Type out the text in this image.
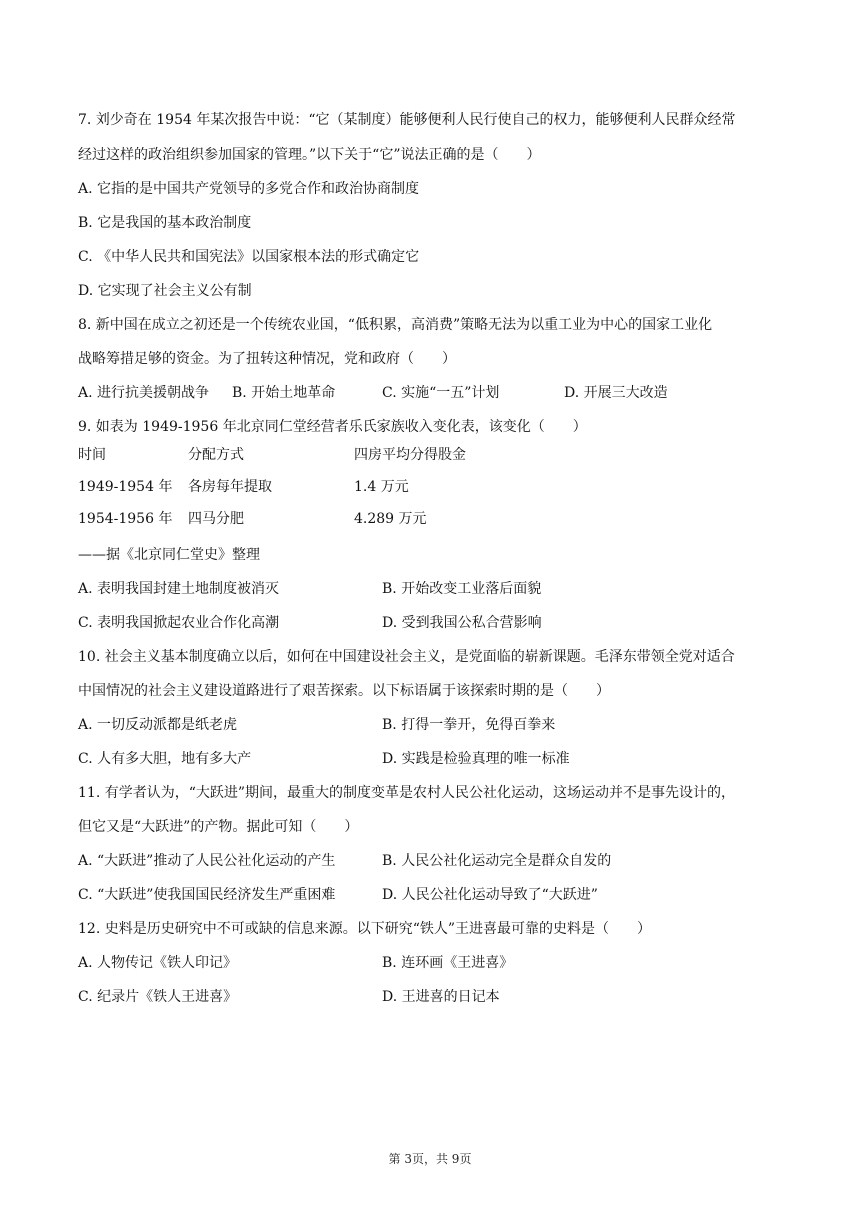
7. 刘少奇在 1954 年某次报告中说：“它（某制度）能够便利人民行使自己的权力，能够便利人民群众经常
经过这样的政治组织参加国家的管理。”以下关于“它”说法正确的是（　　）
A. 它指的是中国共产党领导的多党合作和政治协商制度
B. 它是我国的基本政治制度
C. 《中华人民共和国宪法》以国家根本法的形式确定它
D. 它实现了社会主义公有制
8. 新中国在成立之初还是一个传统农业国，“低积累，高消费”策略无法为以重工业为中心的国家工业化
战略筹措足够的资金。为了扭转这种情况，党和政府（　　）
A. 进行抗美援朝战争 B. 开始土地革命	C. 实施“一五”计划	D. 开展三大改造
9. 如表为 1949-1956 年北京同仁堂经营者乐氏家族收入变化表，该变化（　　）
时间	分配方式	四房平均分得股金
1949-1954 年 各房每年提取	1.4 万元
1954-1956 年 四马分肥	4.289 万元
——据《北京同仁堂史》整理
A. 表明我国封建土地制度被消灭	B. 开始改变工业落后面貌
C. 表明我国掀起农业合作化高潮	D. 受到我国公私合营影响
10. 社会主义基本制度确立以后，如何在中国建设社会主义，是党面临的崭新课题。毛泽东带领全党对适合
中国情况的社会主义建设道路进行了艰苦探索。以下标语属于该探索时期的是（　　）
A. 一切反动派都是纸老虎	B. 打得一拳开，免得百拳来
C. 人有多大胆，地有多大产	D. 实践是检验真理的唯一标准
11. 有学者认为，“大跃进”期间，最重大的制度变革是农村人民公社化运动，这场运动并不是事先设计的，
但它又是“大跃进”的产物。据此可知（　　）
A. “大跃进”推动了人民公社化运动的产生	B. 人民公社化运动完全是群众自发的
C. “大跃进”使我国国民经济发生严重困难	D. 人民公社化运动导致了“大跃进”
12. 史料是历史研究中不可或缺的信息来源。以下研究“铁人”王进喜最可靠的史料是（　　）
A. 人物传记《铁人印记》	B. 连环画《王进喜》
C. 纪录片《铁人王进喜》	D. 王进喜的日记本
第 3页，共 9页
